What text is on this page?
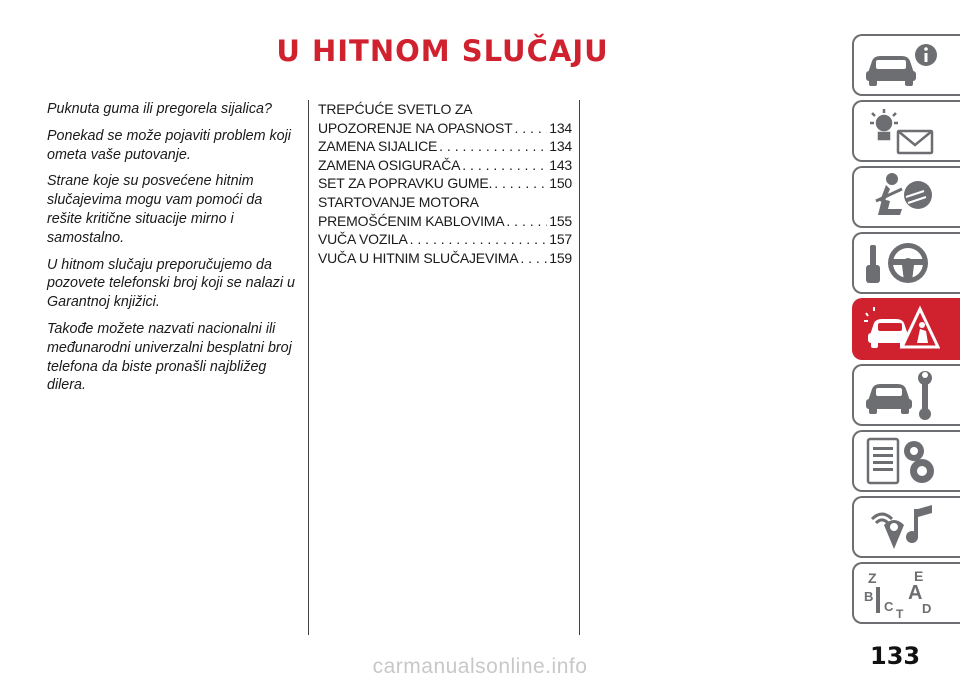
U HITNOM SLUČAJU

Puknuta guma ili pregorela sijalica?

Ponekad se može pojaviti problem koji ometa vaše putovanje.

Strane koje su posvećene hitnim slučajevima mogu vam pomoći da rešite kritične situacije mirno i samostalno.

U hitnom slučaju preporučujemo da pozovete telefonski broj koji se nalazi u Garantnoj knjižici.

Takođe možete nazvati nacionalni ili međunarodni univerzalni besplatni broj telefona da biste pronašli najbližeg dilera.

TREPĆUĆE SVETLO ZA
UPOZORENJE NA OPASNOST . . .	134
ZAMENA SIJALICE . . .	134
ZAMENA OSIGURAČA . . .	143
SET ZA POPRAVKU GUME. . . .	150
STARTOVANJE MOTORA
PREMOŠĆENIM KABLOVIMA . . .	155
VUČA VOZILA . . .	157
VUČA U HITNIM SLUČAJEVIMA . . . 159
Z	E
B A
C D
T
133
carmanualsonline.info
